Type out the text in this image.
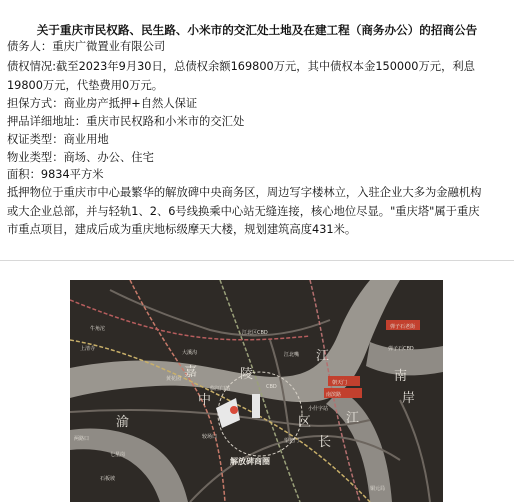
关于重庆市民权路、民生路、小米市的交汇处土地及在建工程（商务办公）的招商公告
债务人：重庆广微置业有限公司
债权情况:截至2023年9月30日，总债权余额169800万元，其中债权本金150000万元，利息
19800万元，代垫费用0万元。
担保方式：商业房产抵押+自然人保证
押品详细地址：重庆市民权路和小米市的交汇处
权证类型：商业用地
物业类型：商场、办公、住宅
面积：9834平方米
抵押物位于重庆市中心最繁华的解放碑中央商务区，周边写字楼林立，入驻企业大多为金融机构
或大企业总部，并与轻轨1、2、6号线换乘中心站无缝连接，核心地位尽显。"重庆塔"属于重庆
市重点项目，建成后成为重庆地标级摩天大楼，规划建筑高度431米。
嘉	陵
江
渝
中
区	江
长
南
岸
江北区CBD
弹子石CBD
朝天门
南滨路
弹子石老街
临江门站
小什字站
较场口
七星岗
CBD
望龙门
江北嘴
黄花园
大溪沟
上清寺
牛角沱
两路口
铜元局
石板坡
解放碑商圈
